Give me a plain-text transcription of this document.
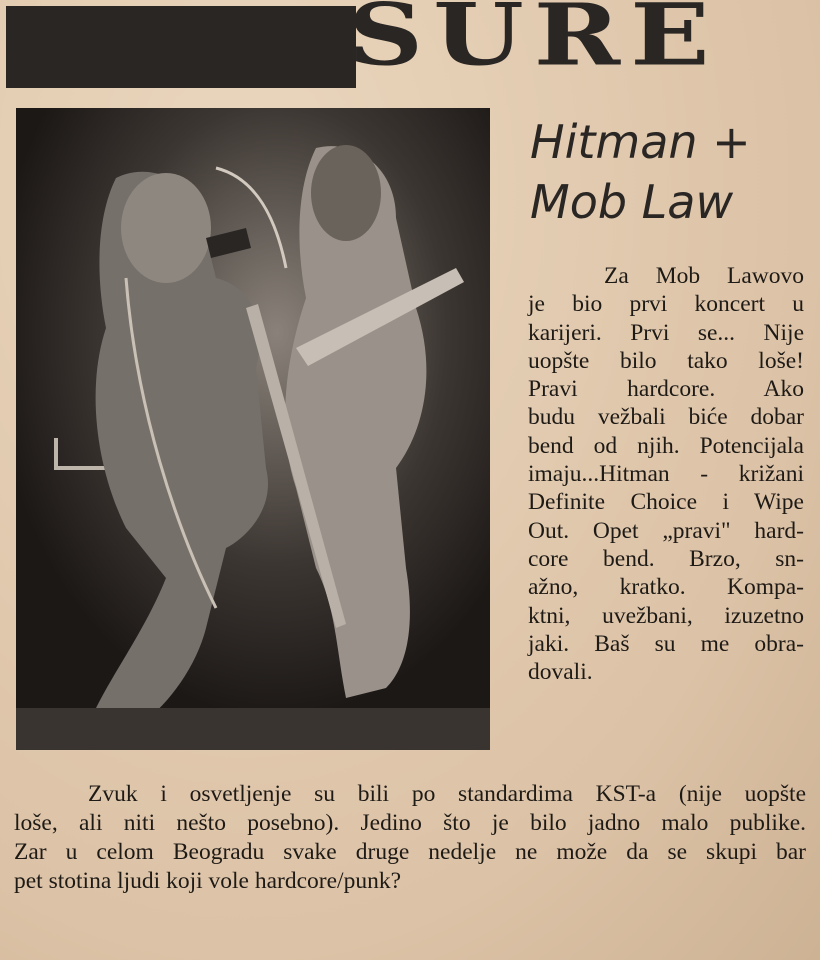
SURE
Hitman +
Mob Law
Za Mob Lawovo
je bio prvi koncert u
karijeri. Prvi se... Nije
uopšte bilo tako loše!
Pravi hardcore. Ako
budu vežbali biće dobar
bend od njih. Potencijala
imaju...Hitman - križani
Definite Choice i Wipe
Out. Opet „pravi" hard-
core bend. Brzo, sn-
ažno, kratko. Kompa-
ktni, uvežbani, izuzetno
jaki. Baš su me obra-
dovali.
Zvuk i osvetljenje su bili po standardima KST-a (nije uopšte
loše, ali niti nešto posebno). Jedino što je bilo jadno malo publike.
Zar u celom Beogradu svake druge nedelje ne može da se skupi bar
pet stotina ljudi koji vole hardcore/punk?
